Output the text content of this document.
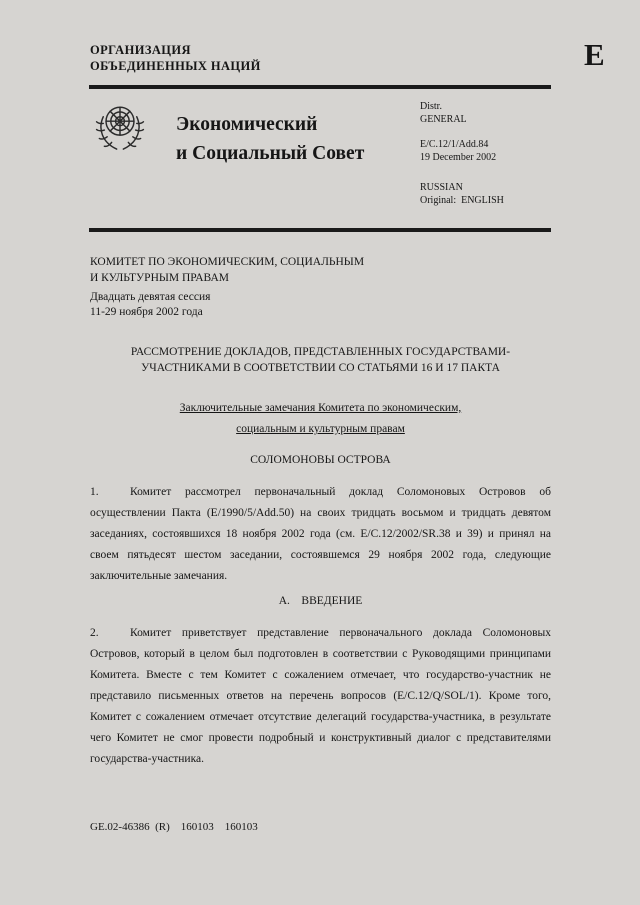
ОРГАНИЗАЦИЯ
ОБЪЕДИНЕННЫХ НАЦИЙ	E
Экономический
и Социальный Совет
Distr.
GENERAL
E/C.12/1/Add.84
19 December 2002
RUSSIAN
Original:  ENGLISH
КОМИТЕТ ПО ЭКОНОМИЧЕСКИМ, СОЦИАЛЬНЫМ
И КУЛЬТУРНЫМ ПРАВАМ
Двадцать девятая сессия
11-29 ноября 2002 года
РАССМОТРЕНИЕ ДОКЛАДОВ, ПРЕДСТАВЛЕННЫХ ГОСУДАРСТВАМИ-
УЧАСТНИКАМИ В СООТВЕТСТВИИ СО СТАТЬЯМИ 16 И 17 ПАКТА
Заключительные замечания Комитета по экономическим,
социальным и культурным правам
СОЛОМОНОВЫ ОСТРОВА
1.	Комитет рассмотрел первоначальный доклад Соломоновых Островов об осуществлении Пакта (Е/1990/5/Add.50) на своих тридцать восьмом и тридцать девятом заседаниях, состоявшихся 18 ноября 2002 года (см. E/C.12/2002/SR.38 и 39) и принял на своем пятьдесят шестом заседании, состоявшемся 29 ноября 2002 года, следующие заключительные замечания.
A.    ВВЕДЕНИЕ
2.	Комитет приветствует представление первоначального доклада Соломоновых Островов, который в целом был подготовлен в соответствии с Руководящими принципами Комитета. Вместе с тем Комитет с сожалением отмечает, что государство-участник не представило письменных ответов на перечень вопросов (E/C.12/Q/SOL/1). Кроме того, Комитет с сожалением отмечает отсутствие делегаций государства-участника, в результате чего Комитет не смог провести подробный и конструктивный диалог с представителями государства-участника.
GE.02-46386  (R)    160103    160103
